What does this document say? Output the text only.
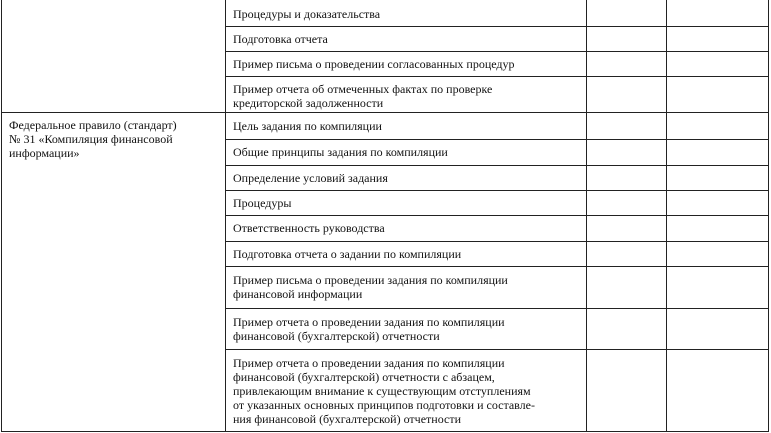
Федеральное правило (стандарт)
№ 31 «Компиляция финансовой
информации»
Процедуры и доказательства
Подготовка отчета
Пример письма о проведении согласованных процедур
Пример отчета об отмеченных фактах по проверке
кредиторской задолженности
Цель задания по компиляции
Общие принципы задания по компиляции
Определение условий задания
Процедуры
Ответственность руководства
Подготовка отчета о задании по компиляции
Пример письма о проведении задания по компиляции
финансовой информации
Пример отчета о проведении задания по компиляции
финансовой (бухгалтерской) отчетности
Пример отчета о проведении задания по компиляции
финансовой (бухгалтерской) отчетности с абзацем,
привлекающим внимание к существующим отступлениям
от указанных основных принципов подготовки и составле-
ния финансовой (бухгалтерской) отчетности
